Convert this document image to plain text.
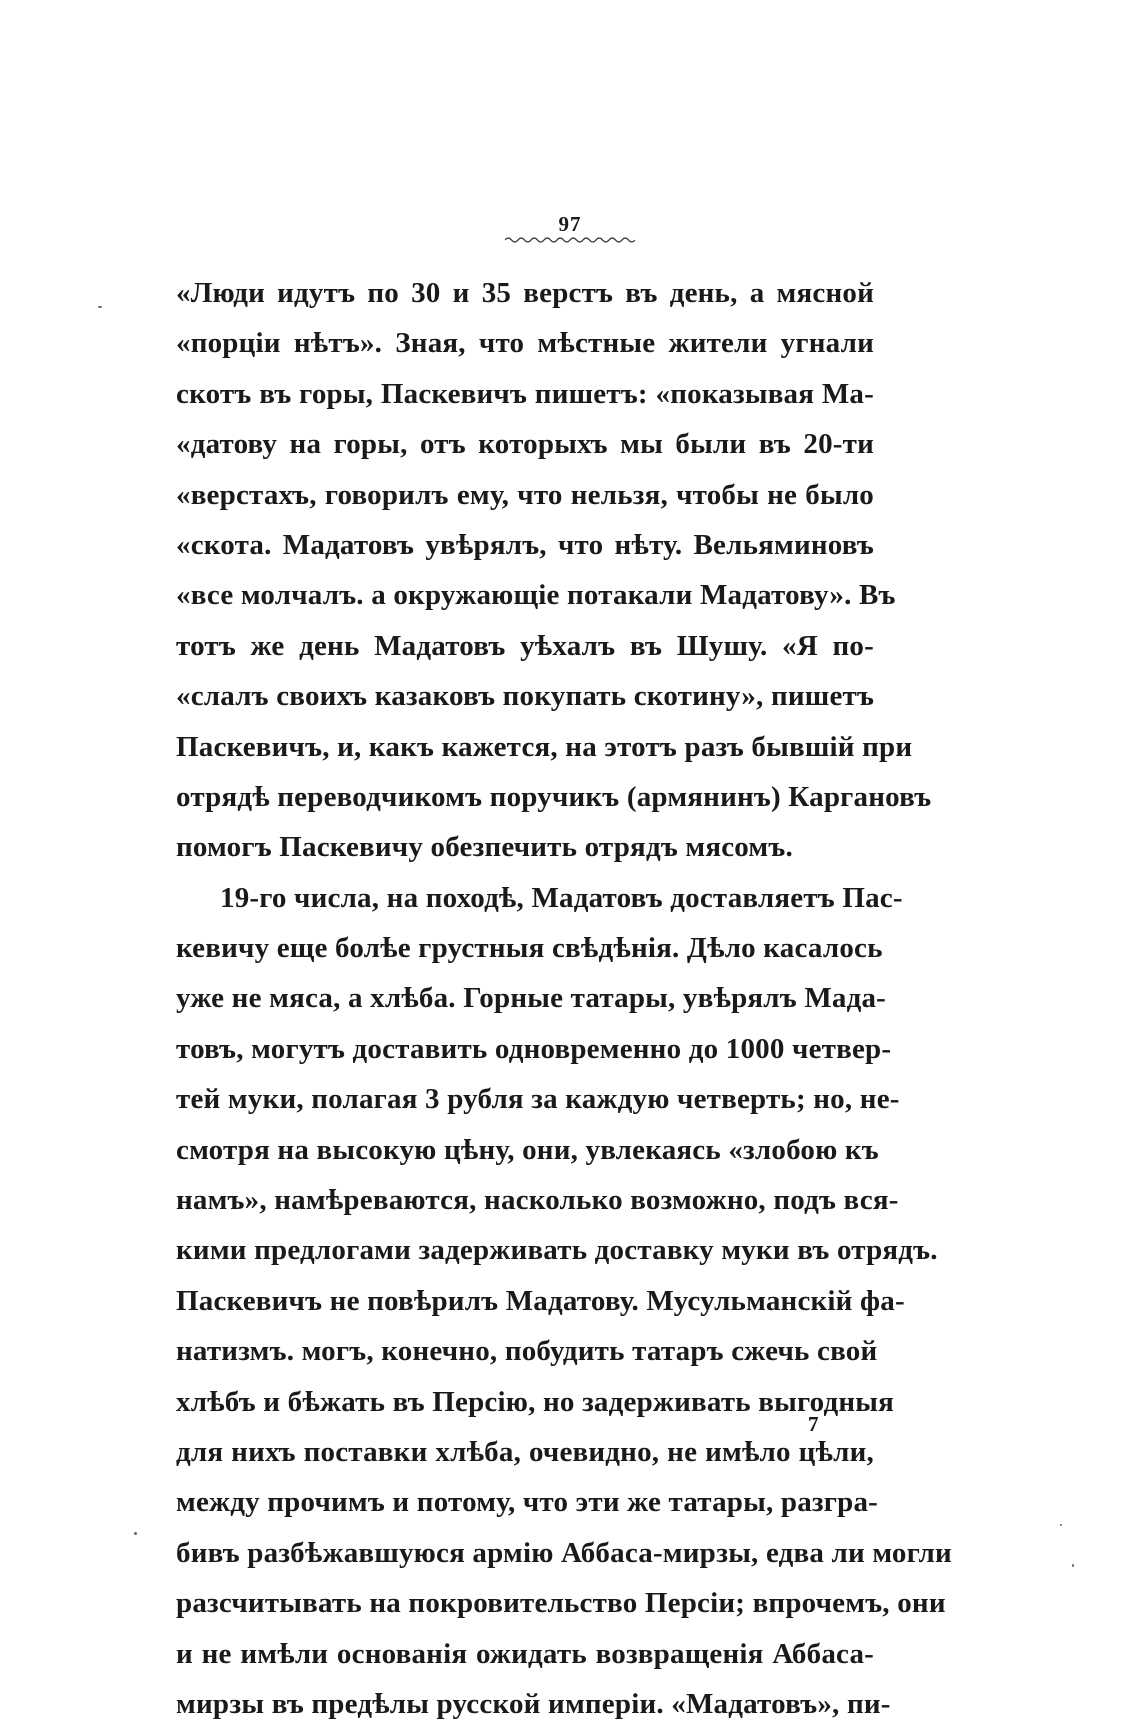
97
«Люди идутъ по 30 и 35 верстъ въ день, а мясной
«порціи нѣтъ». Зная, что мѣстные жители угнали
скотъ въ горы, Паскевичъ пишетъ: «показывая Ма-
«датову на горы, отъ которыхъ мы были въ 20-ти
«верстахъ, говорилъ ему, что нельзя, чтобы не было
«скота. Мадатовъ увѣрялъ, что нѣту. Вельяминовъ
«все молчалъ. а окружающіе потакали Мадатову». Въ
тотъ же день Мадатовъ уѣхалъ въ Шушу. «Я по-
«слалъ своихъ казаковъ покупать скотину», пишетъ
Паскевичъ, и, какъ кажется, на этотъ разъ бывшій при
отрядѣ переводчикомъ поручикъ (армянинъ) Каргановъ
помогъ Паскевичу обезпечить отрядъ мясомъ.
19-го числа, на походѣ, Мадатовъ доставляетъ Пас-
кевичу еще болѣе грустныя свѣдѣнія. Дѣло касалось
уже не мяса, а хлѣба. Горные татары, увѣрялъ Мада-
товъ, могутъ доставить одновременно до 1000 четвер-
тей муки, полагая 3 рубля за каждую четверть; но, не-
смотря на высокую цѣну, они, увлекаясь «злобою къ
намъ», намѣреваются, насколько возможно, подъ вся-
кими предлогами задерживать доставку муки въ отрядъ.
Паскевичъ не повѣрилъ Мадатову. Мусульманскій фа-
натизмъ. могъ, конечно, побудить татаръ сжечь свой
хлѣбъ и бѣжать въ Персію, но задерживать выгодныя
для нихъ поставки хлѣба, очевидно, не имѣло цѣли,
между прочимъ и потому, что эти же татары, разгра-
бивъ разбѣжавшуюся армію Аббаса-мирзы, едва ли могли
разсчитывать на покровительство Персіи; впрочемъ, они
и не имѣли основанія ожидать возвращенія Аббаса-
мирзы въ предѣлы русской имперіи. «Мадатовъ», пи-
7
